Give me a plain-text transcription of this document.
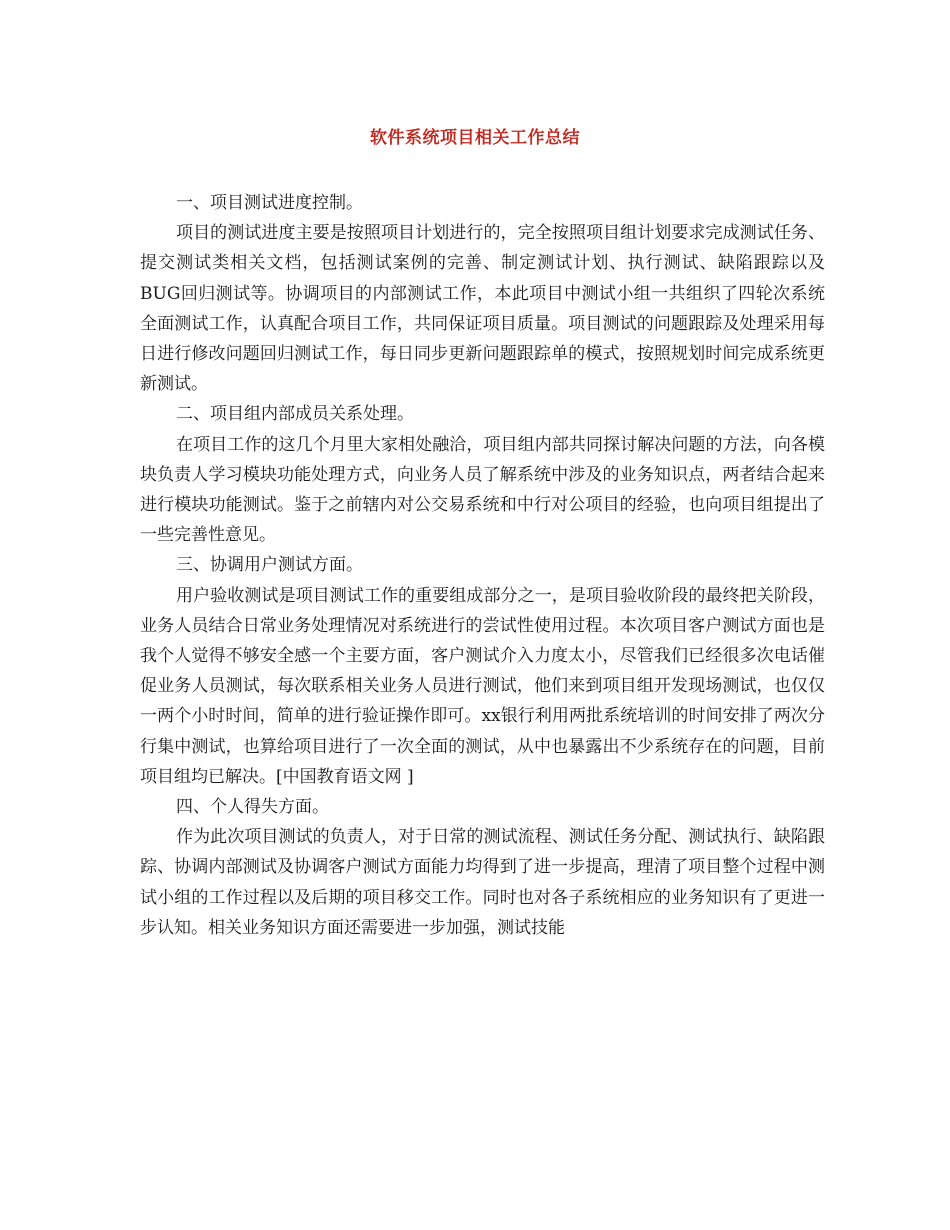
软件系统项目相关工作总结

一、项目测试进度控制。

项目的测试进度主要是按照项目计划进行的，完全按照项目组计划要求完成测试任务、提交测试类相关文档，包括测试案例的完善、制定测试计划、执行测试、缺陷跟踪以及BUG回归测试等。协调项目的内部测试工作，本此项目中测试小组一共组织了四轮次系统全面测试工作，认真配合项目工作，共同保证项目质量。项目测试的问题跟踪及处理采用每日进行修改问题回归测试工作，每日同步更新问题跟踪单的模式，按照规划时间完成系统更新测试。

二、项目组内部成员关系处理。

在项目工作的这几个月里大家相处融洽，项目组内部共同探讨解决问题的方法，向各模块负责人学习模块功能处理方式，向业务人员了解系统中涉及的业务知识点，两者结合起来进行模块功能测试。鉴于之前辖内对公交易系统和中行对公项目的经验，也向项目组提出了一些完善性意见。

三、协调用户测试方面。

用户验收测试是项目测试工作的重要组成部分之一，是项目验收阶段的最终把关阶段，业务人员结合日常业务处理情况对系统进行的尝试性使用过程。本次项目客户测试方面也是我个人觉得不够安全感一个主要方面，客户测试介入力度太小，尽管我们已经很多次电话催促业务人员测试，每次联系相关业务人员进行测试，他们来到项目组开发现场测试，也仅仅一两个小时时间，简单的进行验证操作即可。xx银行利用两批系统培训的时间安排了两次分行集中测试，也算给项目进行了一次全面的测试，从中也暴露出不少系统存在的问题，目前项目组均已解决。[中国教育语文网 ]

四、个人得失方面。

作为此次项目测试的负责人，对于日常的测试流程、测试任务分配、测试执行、缺陷跟踪、协调内部测试及协调客户测试方面能力均得到了进一步提高，理清了项目整个过程中测试小组的工作过程以及后期的项目移交工作。同时也对各子系统相应的业务知识有了更进一步认知。相关业务知识方面还需要进一步加强，测试技能
